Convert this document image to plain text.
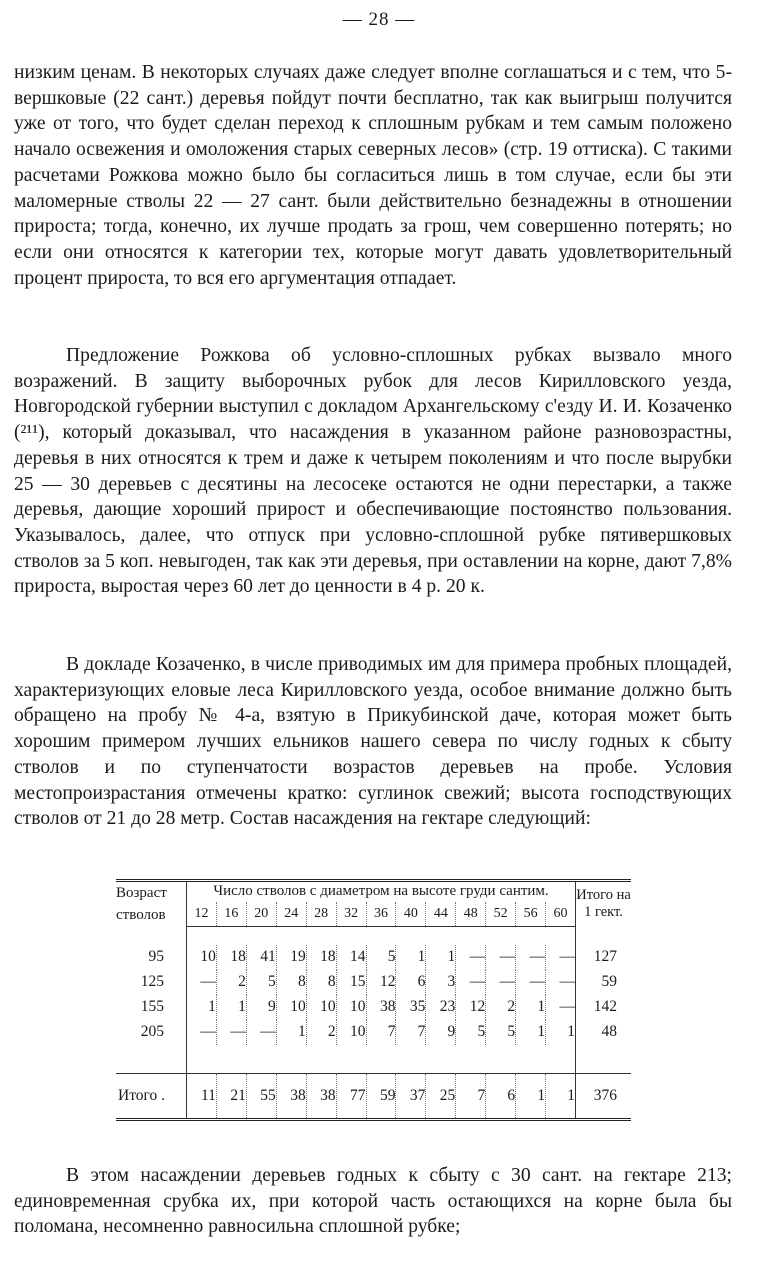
— 28 —

низким ценам. В некоторых случаях даже следует вполне соглашаться и с тем, что 5-вершковые (22 сант.) деревья пойдут почти бесплатно, так как выигрыш получится уже от того, что будет сделан переход к сплошным рубкам и тем самым положено начало освежения и омоложения старых северных лесов» (стр. 19 оттиска). С такими расчетами Рожкова можно было бы согласиться лишь в том случае, если бы эти маломерные стволы 22 — 27 сант. были действительно безнадежны в отношении прироста; тогда, конечно, их лучше продать за грош, чем совершенно потерять; но если они относятся к категории тех, которые могут давать удовлетворительный процент прироста, то вся его аргументация отпадает.

Предложение Рожкова об условно-сплошных рубках вызвало много возражений. В защиту выборочных рубок для лесов Кирилловского уезда, Новгородской губернии выступил с докладом Архангельскому с'езду И. И. Козаченко (²¹¹), который доказывал, что насаждения в указанном районе разновозрастны, деревья в них относятся к трем и даже к четырем поколениям и что после вырубки 25 — 30 деревьев с десятины на лесосеке остаются не одни перестарки, а также деревья, дающие хороший прирост и обеспечивающие постоянство пользования. Указывалось, далее, что отпуск при условно-сплошной рубке пятивершковых стволов за 5 коп. невыгоден, так как эти деревья, при оставлении на корне, дают 7,8% прироста, выростая через 60 лет до ценности в 4 р. 20 к.

В докладе Козаченко, в числе приводимых им для примера пробных площадей, характеризующих еловые леса Кирилловского уезда, особое внимание должно быть обращено на пробу № 4-а, взятую в Прикубинской даче, которая может быть хорошим примером лучших ельников нашего севера по числу годных к сбыту стволов и по ступенчатости возрастов деревьев на пробе. Условия местопроизрастания отмечены кратко: суглинок свежий; высота господствующих стволов от 21 до 28 метр. Состав насаждения на гектаре следующий:

Возраст стволов	Число стволов с диаметром на высоте груди сантим.													Итого на 1 гект.
	12	16	20	24	28	32	36	40	44	48	52	56	60	

95	10	18	41	19	18	14	5	1	1	—	—	—	—	127
125	—	2	5	8	8	15	12	6	3	—	—	—	—	59
155	1	1	9	10	10	10	38	35	23	12	2	1	—	142
205	—	—	—	1	2	10	7	7	9	5	5	1	1	48

Итого .	11	21	55	38	38	77	59	37	25	7	6	1	1	376

В этом насаждении деревьев годных к сбыту с 30 сант. на гектаре 213; единовременная срубка их, при которой часть остающихся на корне была бы поломана, несомненно равносильна сплошной рубке;
